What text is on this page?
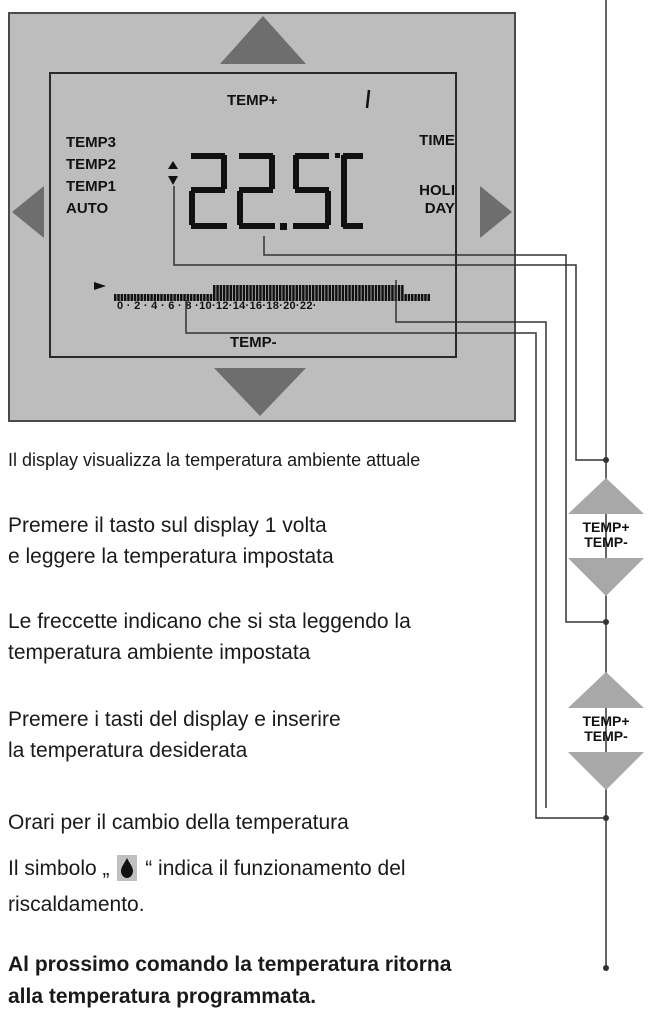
TEMP+
TEMP3
TEMP2
TEMP1
AUTO
TIME
HOLI
DAY
0 · 2 · 4 · 6 · 8 ·10·12·14·16·18·20·22·
TEMP-
TEMP+
TEMP-
TEMP+
TEMP-
Il display visualizza la temperatura ambiente attuale
Premere il tasto sul display 1 volta
e leggere la temperatura impostata
Le freccette indicano che si sta leggendo la
temperatura ambiente impostata
Premere i tasti del display e inserire
la temperatura desiderata
Orari per il cambio della temperatura
Il simbolo „ “ indica il funzionamento del
riscaldamento.
Al prossimo comando la temperatura ritorna
alla temperatura programmata.
